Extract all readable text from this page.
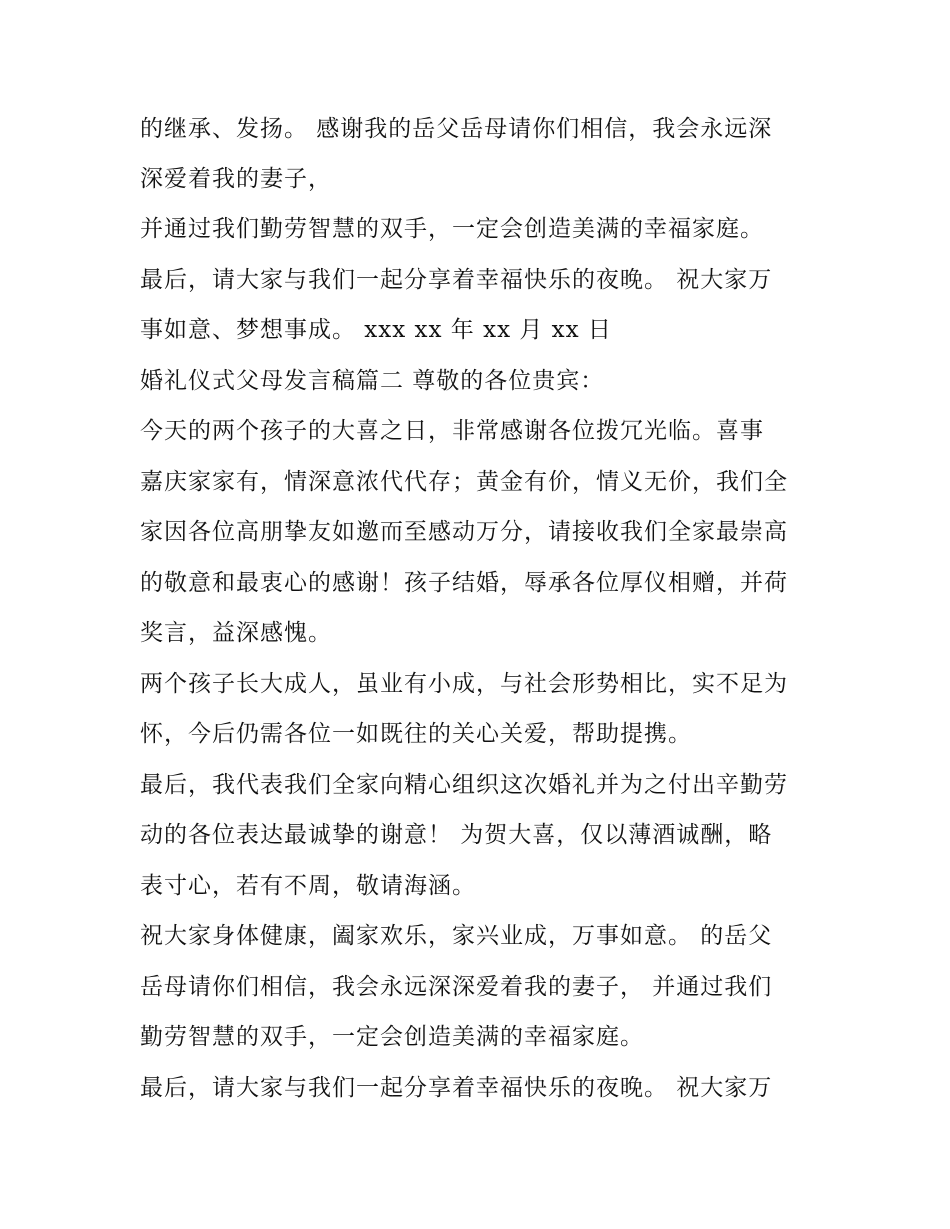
的继承、发扬。 感谢我的岳父岳母请你们相信，我会永远深
深爱着我的妻子，
并通过我们勤劳智慧的双手，一定会创造美满的幸福家庭。
最后，请大家与我们一起分享着幸福快乐的夜晚。 祝大家万
事如意、梦想事成。 xxx xx 年 xx 月 xx 日
婚礼仪式父母发言稿篇二 尊敬的各位贵宾：
今天的两个孩子的大喜之日，非常感谢各位拨冗光临。喜事
嘉庆家家有，情深意浓代代存；黄金有价，情义无价，我们全
家因各位高朋挚友如邀而至感动万分，请接收我们全家最崇高
的敬意和最衷心的感谢！孩子结婚，辱承各位厚仪相赠，并荷
奖言，益深感愧。
两个孩子长大成人，虽业有小成，与社会形势相比，实不足为
怀，今后仍需各位一如既往的关心关爱，帮助提携。
最后，我代表我们全家向精心组织这次婚礼并为之付出辛勤劳
动的各位表达最诚挚的谢意！ 为贺大喜，仅以薄酒诚酬，略
表寸心，若有不周，敬请海涵。
祝大家身体健康，阖家欢乐，家兴业成，万事如意。 的岳父
岳母请你们相信，我会永远深深爱着我的妻子， 并通过我们
勤劳智慧的双手，一定会创造美满的幸福家庭。
最后，请大家与我们一起分享着幸福快乐的夜晚。 祝大家万
